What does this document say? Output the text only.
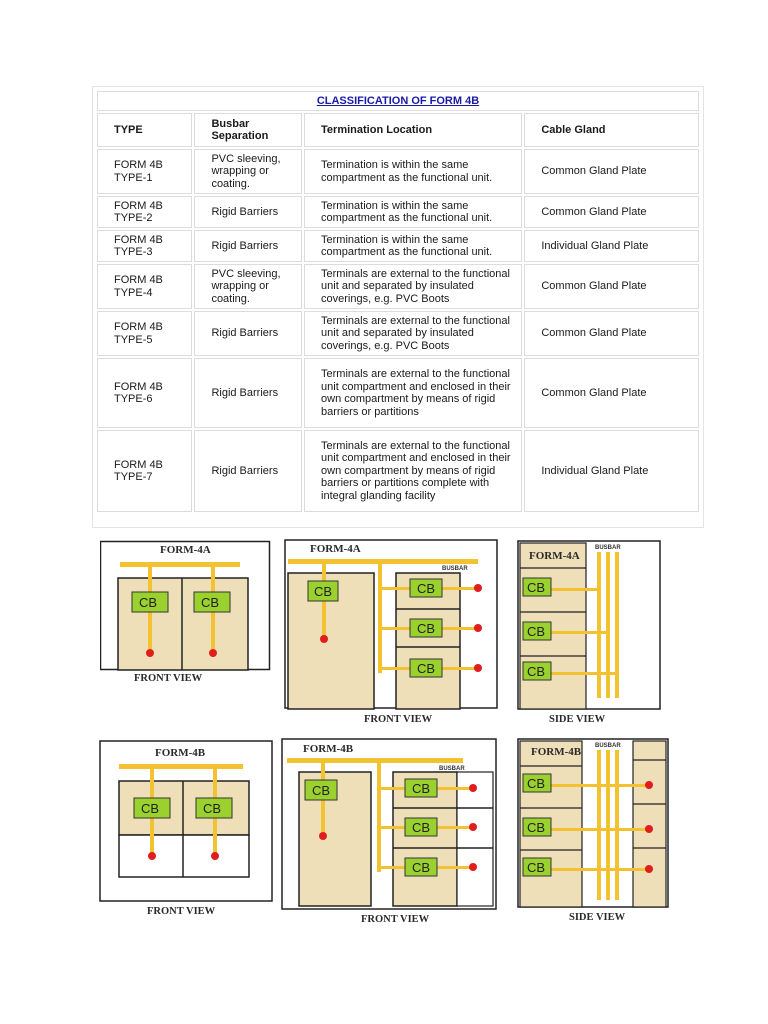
CLASSIFICATION OF FORM 4B			
TYPE	Busbar Separation	Termination Location	Cable Gland
FORM 4B TYPE-1	PVC sleeving, wrapping or coating.	Termination is within the same compartment as the functional unit.	Common Gland Plate
FORM 4B TYPE-2	Rigid Barriers	Termination is within the same compartment as the functional unit.	Common Gland Plate
FORM 4B TYPE-3	Rigid Barriers	Termination is within the same compartment as the functional unit.	Individual Gland Plate
FORM 4B TYPE-4	PVC sleeving, wrapping or coating.	Terminals are external to the functional unit and separated by insulated coverings, e.g. PVC Boots	Common Gland Plate
FORM 4B TYPE-5	Rigid Barriers	Terminals are external to the functional unit and separated by insulated coverings, e.g. PVC Boots	Common Gland Plate
FORM 4B TYPE-6	Rigid Barriers	Terminals are external to the functional unit compartment and enclosed in their own compartment by means of rigid barriers or partitions	Common Gland Plate
FORM 4B TYPE-7	Rigid Barriers	Terminals are external to the functional unit compartment and enclosed in their own compartment by means of rigid barriers or partitions complete with integral glanding facility	Individual Gland Plate
FORM-4A
CB	CB
FRONT VIEW
FORM-4A
BUSBAR
CB	CB
CB
CB
FRONT VIEW
FORM-4A
BUSBAR
CB
CB
CB
SIDE VIEW
FORM-4B
CB	CB
FRONT VIEW
FORM-4B
BUSBAR
CB	CB
CB
CB
FRONT VIEW
FORM-4B BUSBAR
CB
CB
CB
SIDE VIEW
